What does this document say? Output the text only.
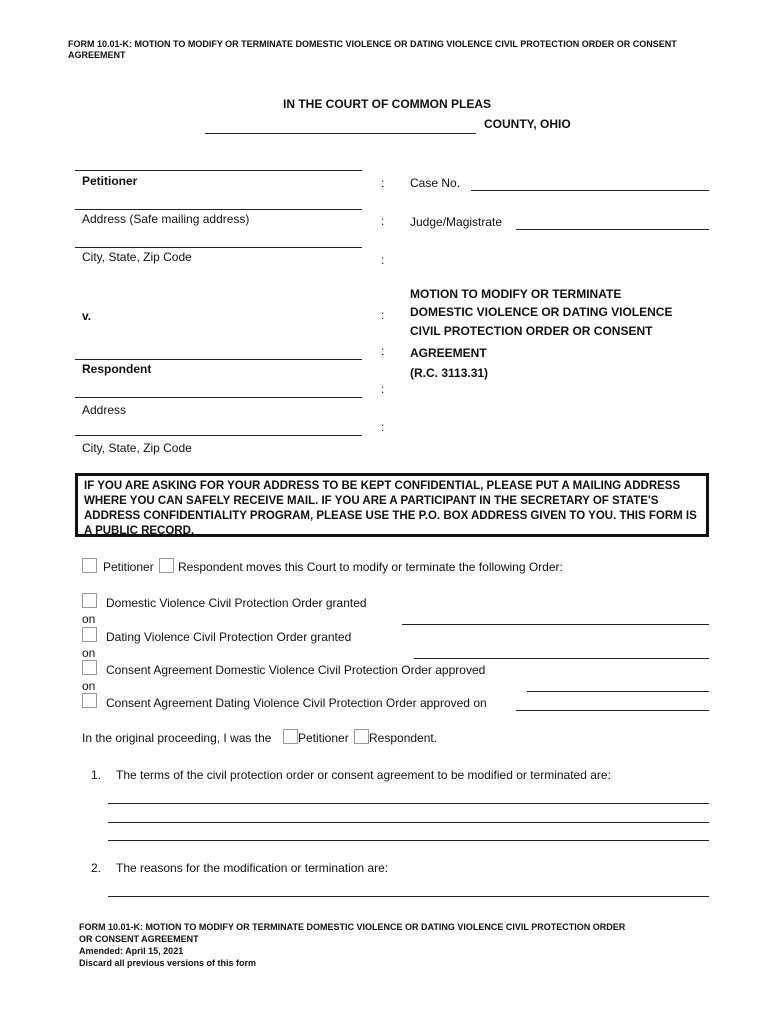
FORM 10.01-K: MOTION TO MODIFY OR TERMINATE DOMESTIC VIOLENCE OR DATING VIOLENCE CIVIL PROTECTION ORDER OR CONSENT AGREEMENT
IN THE COURT OF COMMON PLEAS
COUNTY, OHIO
Petitioner
Address (Safe mailing address)
City, State, Zip Code
v.
Respondent
Address
City, State, Zip Code
:
:
:
:
:
:
:
Case No.
Judge/Magistrate
MOTION TO MODIFY OR TERMINATE
DOMESTIC VIOLENCE OR DATING VIOLENCE
CIVIL PROTECTION ORDER OR CONSENT
AGREEMENT
(R.C. 3113.31)
IF YOU ARE ASKING FOR YOUR ADDRESS TO BE KEPT CONFIDENTIAL, PLEASE PUT A MAILING ADDRESS WHERE YOU CAN SAFELY RECEIVE MAIL. IF YOU ARE A PARTICIPANT IN THE SECRETARY OF STATE'S ADDRESS CONFIDENTIALITY PROGRAM, PLEASE USE THE P.O. BOX ADDRESS GIVEN TO YOU. THIS FORM IS A PUBLIC RECORD.
Petitioner Respondent moves this Court to modify or terminate the following Order:
Domestic Violence Civil Protection Order granted
on
Dating Violence Civil Protection Order granted
on
Consent Agreement Domestic Violence Civil Protection Order approved
on
Consent Agreement Dating Violence Civil Protection Order approved on
In the original proceeding, I was the Petitioner Respondent.
1. The terms of the civil protection order or consent agreement to be modified or terminated are:
2. The reasons for the modification or termination are:
FORM 10.01-K: MOTION TO MODIFY OR TERMINATE DOMESTIC VIOLENCE OR DATING VIOLENCE CIVIL PROTECTION ORDER
OR CONSENT AGREEMENT
Amended: April 15, 2021
Discard all previous versions of this form
